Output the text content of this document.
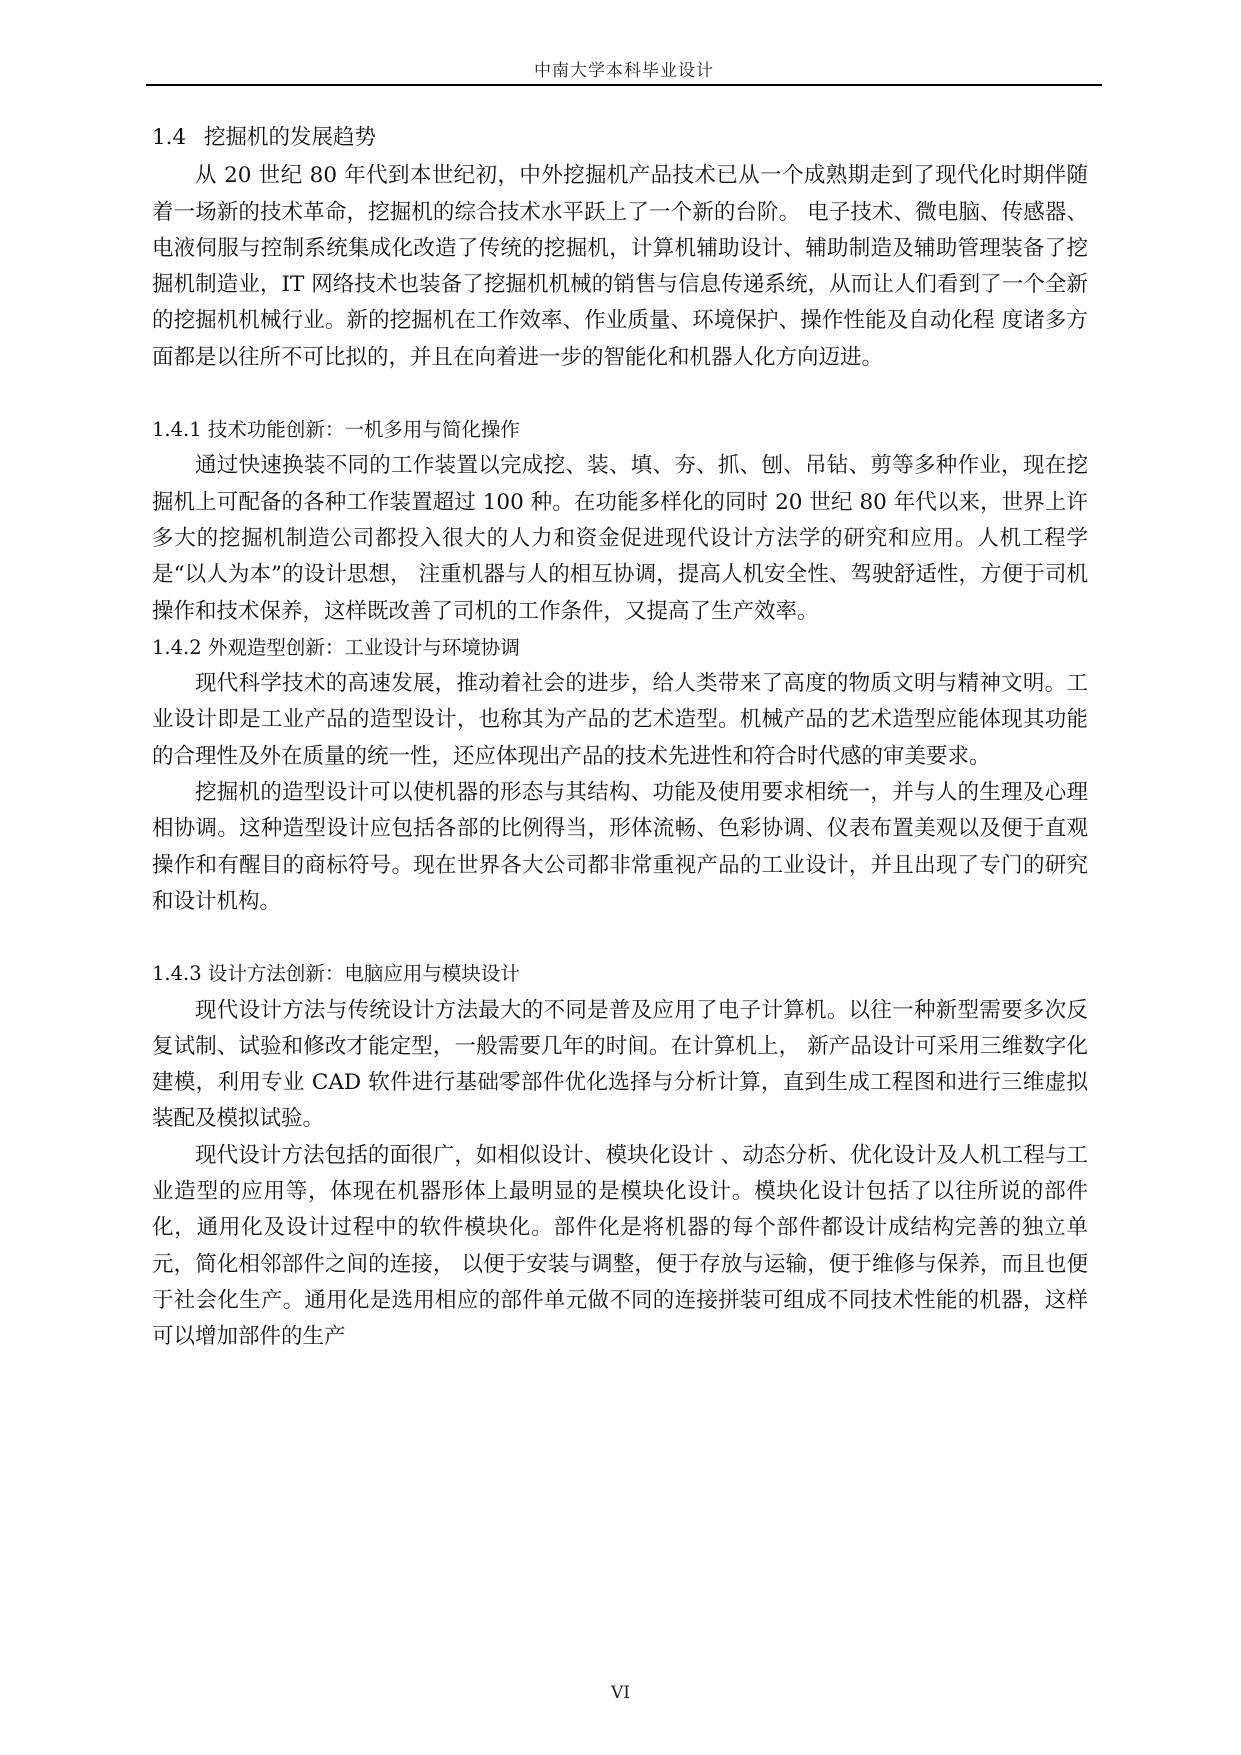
中南大学本科毕业设计
1.4 挖掘机的发展趋势

从 20 世纪 80 年代到本世纪初，中外挖掘机产品技术已从一个成熟期走到了现代化时期伴随着一场新的技术革命，挖掘机的综合技术水平跃上了一个新的台阶。 电子技术、微电脑、传感器、电液伺服与控制系统集成化改造了传统的挖掘机，计算机辅助设计、辅助制造及辅助管理装备了挖掘机制造业，IT 网络技术也装备了挖掘机机械的销售与信息传递系统，从而让人们看到了一个全新的挖掘机机械行业。新的挖掘机在工作效率、作业质量、环境保护、操作性能及自动化程 度诸多方面都是以往所不可比拟的，并且在向着进一步的智能化和机器人化方向迈进。

1.4.1 技术功能创新：一机多用与简化操作

通过快速换装不同的工作装置以完成挖、装、填、夯、抓、刨、吊钻、剪等多种作业，现在挖掘机上可配备的各种工作装置超过 100 种。在功能多样化的同时 20 世纪 80 年代以来，世界上许多大的挖掘机制造公司都投入很大的人力和资金促进现代设计方法学的研究和应用。人机工程学是“以人为本”的设计思想， 注重机器与人的相互协调，提高人机安全性、驾驶舒适性，方便于司机操作和技术保养，这样既改善了司机的工作条件，又提高了生产效率。

1.4.2 外观造型创新：工业设计与环境协调

现代科学技术的高速发展，推动着社会的进步，给人类带来了高度的物质文明与精神文明。工业设计即是工业产品的造型设计，也称其为产品的艺术造型。机械产品的艺术造型应能体现其功能的合理性及外在质量的统一性，还应体现出产品的技术先进性和符合时代感的审美要求。

挖掘机的造型设计可以使机器的形态与其结构、功能及使用要求相统一，并与人的生理及心理相协调。这种造型设计应包括各部的比例得当，形体流畅、色彩协调、仪表布置美观以及便于直观操作和有醒目的商标符号。现在世界各大公司都非常重视产品的工业设计，并且出现了专门的研究和设计机构。

1.4.3 设计方法创新：电脑应用与模块设计

现代设计方法与传统设计方法最大的不同是普及应用了电子计算机。以往一种新型需要多次反复试制、试验和修改才能定型，一般需要几年的时间。在计算机上， 新产品设计可采用三维数字化建模，利用专业 CAD 软件进行基础零部件优化选择与分析计算，直到生成工程图和进行三维虚拟装配及模拟试验。

现代设计方法包括的面很广，如相似设计、模块化设计 、动态分析、优化设计及人机工程与工业造型的应用等，体现在机器形体上最明显的是模块化设计。模块化设计包括了以往所说的部件化，通用化及设计过程中的软件模块化。部件化是将机器的每个部件都设计成结构完善的独立单元，简化相邻部件之间的连接， 以便于安装与调整，便于存放与运输，便于维修与保养，而且也便于社会化生产。通用化是选用相应的部件单元做不同的连接拼装可组成不同技术性能的机器，这样 可以增加部件的生产

VI
